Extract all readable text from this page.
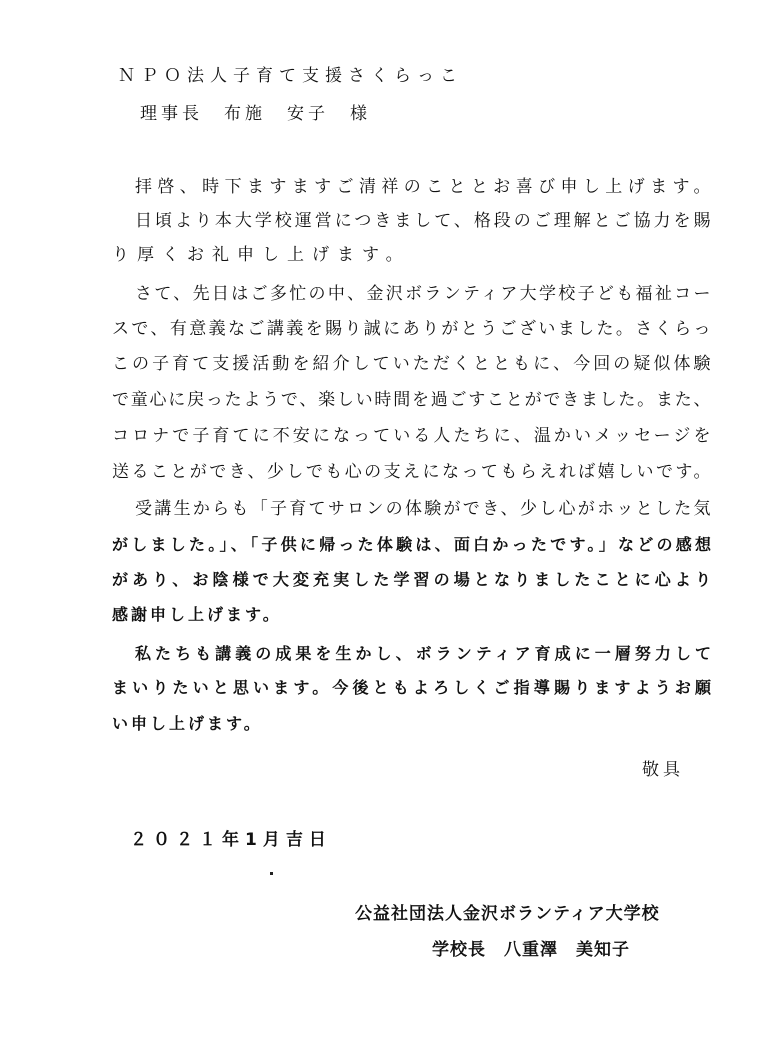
ＮＰＯ法人子育て支援さくらっこ
理事長　布施　安子　様
拝啓、時下ますますご清祥のこととお喜び申し上げます。
日頃より本大学校運営につきまして、格段のご理解とご協力を賜
り厚くお礼申し上げます。
さて、先日はご多忙の中、金沢ボランティア大学校子ども福祉コー
スで、有意義なご講義を賜り誠にありがとうございました。さくらっ
この子育て支援活動を紹介していただくとともに、今回の疑似体験
で童心に戻ったようで、楽しい時間を過ごすことができました。また、
コロナで子育てに不安になっている人たちに、温かいメッセージを
送ることができ、少しでも心の支えになってもらえれば嬉しいです。
受講生からも「子育てサロンの体験ができ、少し心がホッとした気
がしました。」、「子供に帰った体験は、面白かったです。」などの感想
があり、お陰様で大変充実した学習の場となりましたことに心より
感謝申し上げます。
私たちも講義の成果を生かし、ボランティア育成に一層努力して
まいりたいと思います。今後ともよろしくご指導賜りますようお願
い申し上げます。
敬具
２０２１年1月吉日
公益社団法人金沢ボランティア大学校
学校長　八重澤　美知子
